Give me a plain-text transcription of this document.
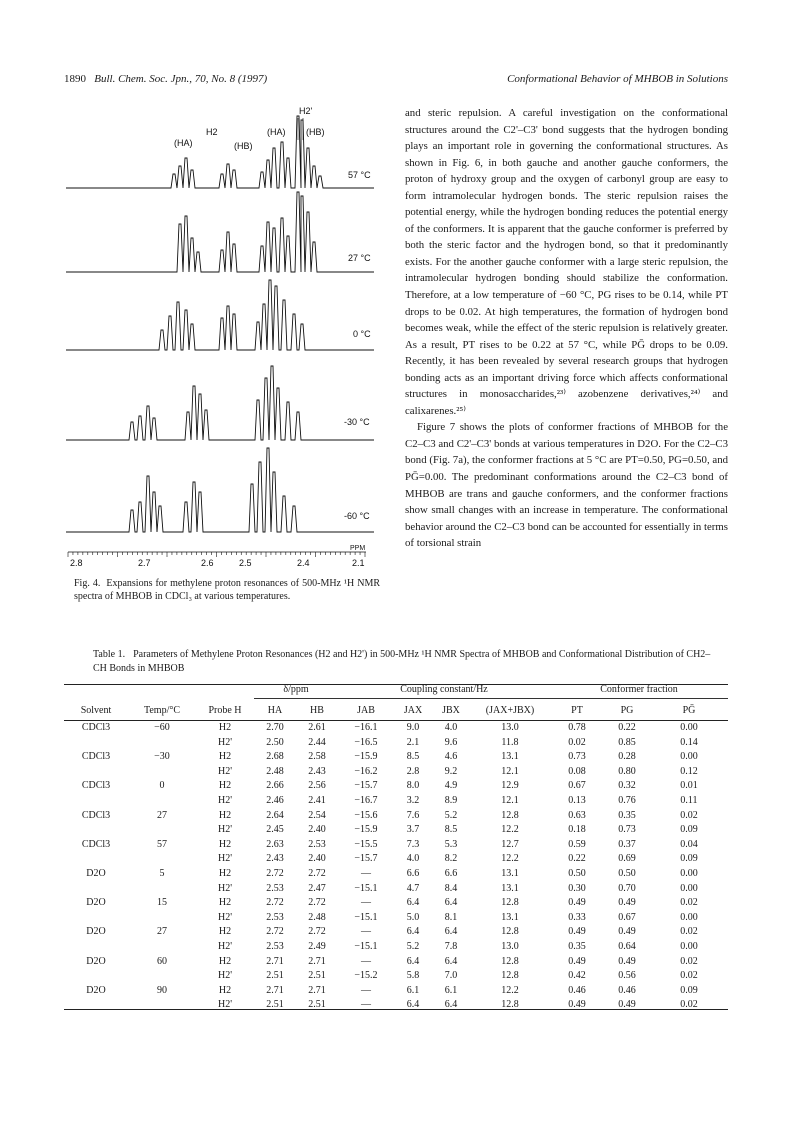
1890 Bull. Chem. Soc. Jpn., 70, No. 8 (1997)	Conformational Behavior of MHBOB in Solutions
H2'
H2
(HA)	(HB)
(HA) (HB)
57 °C
27 °C
0 °C
-30 °C
-60 °C
2.8	2.7	2.6	2.5	2.4	2.1
PPM
Fig. 4. Expansions for methylene proton resonances of 500-MHz ¹H NMR spectra of MHBOB in CDCl₃ at various temperatures.

and steric repulsion. A careful investigation on the conformational structures around the C2'–C3' bond suggests that the hydrogen bonding plays an important role in governing the conformational structures. As shown in Fig. 6, in both gauche and another gauche conformers, the proton of hydroxy group and the oxygen of carbonyl group are easy to form intramolecular hydrogen bonds. The steric repulsion raises the potential energy, while the hydrogen bonding reduces the potential energy of the conformers. It is apparent that the gauche conformer is preferred by both the steric factor and the hydrogen bond, so that it predominantly exists. For the another gauche conformer with a large steric repulsion, the intramolecular hydrogen bonding should stabilize the conformation. Therefore, at a low temperature of −60 °C, PG rises to be 0.14, while PT drops to be 0.02. At high temperatures, the formation of hydrogen bond becomes weak, while the effect of the steric repulsion is relatively greater. As a result, PT rises to be 0.22 at 57 °C, while PḠ drops to be 0.09. Recently, it has been revealed by several research groups that hydrogen bonding acts as an important driving force which affects conformational structures in monosaccharides,²³⁾ azobenzene derivatives,²⁴⁾ and calixarenes.²⁵⁾

Figure 7 shows the plots of conformer fractions of MHBOB for the C2–C3 and C2'–C3' bonds at various temperatures in D2O. For the C2–C3 bond (Fig. 7a), the conformer fractions at 5 °C are PT=0.50, PG=0.50, and PḠ=0.00. The predominant conformations around the C2–C3 bond of MHBOB are trans and gauche conformers, and the conformer fractions show small changes with an increase in temperature. The conformational behavior around the C2–C3 bond can be accounted for essentially in terms of torsional strain

Table 1. Parameters of Methylene Proton Resonances (H2 and H2') in 500-MHz ¹H NMR Spectra of MHBOB and Conformational Distribution of CH2–CH Bonds in MHBOB
			δ/ppm		Coupling constant/Hz				Conformer fraction		
Solvent	Temp/°C	Probe H	HA	HB	JAB	JAX	JBX	(JAX+JBX)	PT	PG	PḠ
CDCl3	−60	H2	2.70	2.61	−16.1	9.0	4.0	13.0	0.78	0.22	0.00
		H2'	2.50	2.44	−16.5	2.1	9.6	11.8	0.02	0.85	0.14
CDCl3	−30	H2	2.68	2.58	−15.9	8.5	4.6	13.1	0.73	0.28	0.00
		H2'	2.48	2.43	−16.2	2.8	9.2	12.1	0.08	0.80	0.12
CDCl3	0	H2	2.66	2.56	−15.7	8.0	4.9	12.9	0.67	0.32	0.01
		H2'	2.46	2.41	−16.7	3.2	8.9	12.1	0.13	0.76	0.11
CDCl3	27	H2	2.64	2.54	−15.6	7.6	5.2	12.8	0.63	0.35	0.02
		H2'	2.45	2.40	−15.9	3.7	8.5	12.2	0.18	0.73	0.09
CDCl3	57	H2	2.63	2.53	−15.5	7.3	5.3	12.7	0.59	0.37	0.04
		H2'	2.43	2.40	−15.7	4.0	8.2	12.2	0.22	0.69	0.09
D2O	5	H2	2.72	2.72	—	6.6	6.6	13.1	0.50	0.50	0.00
		H2'	2.53	2.47	−15.1	4.7	8.4	13.1	0.30	0.70	0.00
D2O	15	H2	2.72	2.72	—	6.4	6.4	12.8	0.49	0.49	0.02
		H2'	2.53	2.48	−15.1	5.0	8.1	13.1	0.33	0.67	0.00
D2O	27	H2	2.72	2.72	—	6.4	6.4	12.8	0.49	0.49	0.02
		H2'	2.53	2.49	−15.1	5.2	7.8	13.0	0.35	0.64	0.00
D2O	60	H2	2.71	2.71	—	6.4	6.4	12.8	0.49	0.49	0.02
		H2'	2.51	2.51	−15.2	5.8	7.0	12.8	0.42	0.56	0.02
D2O	90	H2	2.71	2.71	—	6.1	6.1	12.2	0.46	0.46	0.09
		H2'	2.51	2.51	—	6.4	6.4	12.8	0.49	0.49	0.02
